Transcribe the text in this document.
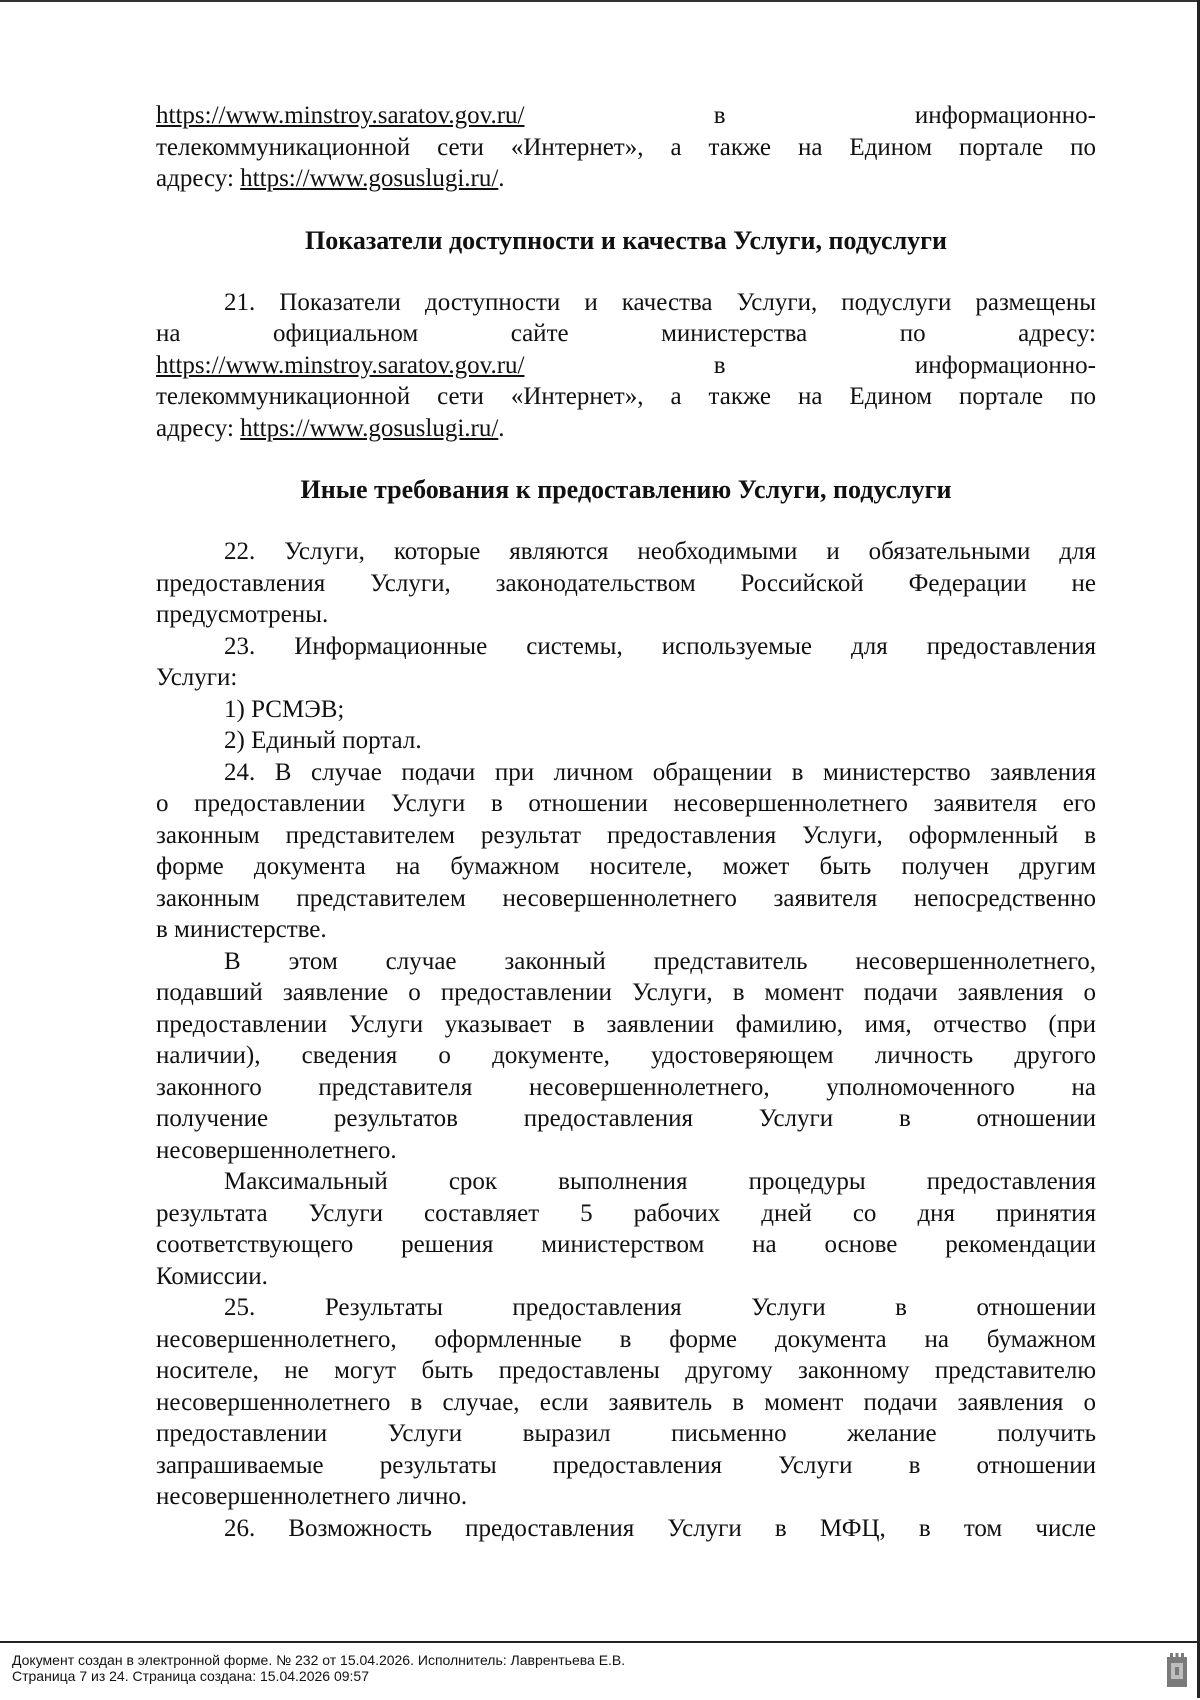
https://www.minstroy.saratov.gov.ru/	в информационно-
телекоммуникационной сети «Интернет», а также на Едином портале по
адресу: https://www.gosuslugi.ru/.
Показатели доступности и качества Услуги, подуслуги
21. Показатели доступности и качества Услуги, подуслуги размещены
на официальном сайте министерства по адресу:
https://www.minstroy.saratov.gov.ru/	в информационно-
телекоммуникационной сети «Интернет», а также на Едином портале по
адресу: https://www.gosuslugi.ru/.
Иные требования к предоставлению Услуги, подуслуги
22. Услуги, которые являются необходимыми и обязательными для
предоставления Услуги, законодательством Российской Федерации не
предусмотрены.
23. Информационные системы, используемые для предоставления
Услуги:
1) РСМЭВ;
2) Единый портал.
24. В случае подачи при личном обращении в министерство заявления
о предоставлении Услуги в отношении несовершеннолетнего заявителя его
законным представителем результат предоставления Услуги, оформленный в
форме документа на бумажном носителе, может быть получен другим
законным представителем несовершеннолетнего заявителя непосредственно
в министерстве.
В этом случае законный представитель несовершеннолетнего,
подавший заявление о предоставлении Услуги, в момент подачи заявления о
предоставлении Услуги указывает в заявлении фамилию, имя, отчество (при
наличии), сведения о документе, удостоверяющем личность другого
законного представителя несовершеннолетнего, уполномоченного на
получение результатов предоставления Услуги в отношении
несовершеннолетнего.
Максимальный срок выполнения процедуры предоставления
результата Услуги составляет 5 рабочих дней со дня принятия
соответствующего решения министерством на основе рекомендации
Комиссии.
25. Результаты предоставления Услуги в отношении
несовершеннолетнего, оформленные в форме документа на бумажном
носителе, не могут быть предоставлены другому законному представителю
несовершеннолетнего в случае, если заявитель в момент подачи заявления о
предоставлении Услуги выразил письменно желание получить
запрашиваемые результаты предоставления Услуги в отношении
несовершеннолетнего лично.
26. Возможность предоставления Услуги в МФЦ, в том числе
Документ создан в электронной форме. № 232 от 15.04.2026. Исполнитель: Лаврентьева Е.В.
Страница 7 из 24. Страница создана: 15.04.2026 09:57
